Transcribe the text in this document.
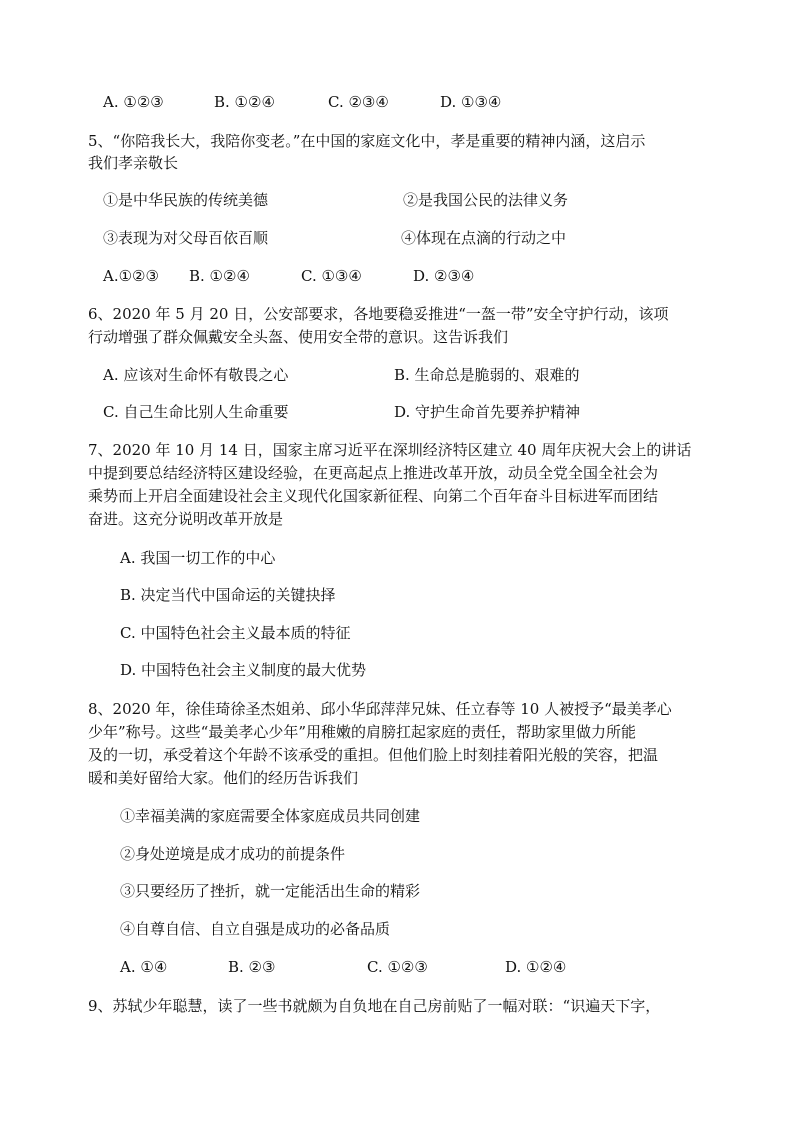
A. ①②③	B. ①②④	C. ②③④	D. ①③④
5、“你陪我长大，我陪你变老。”在中国的家庭文化中，孝是重要的精神内涵，这启示
我们孝亲敬长
①是中华民族的传统美德	②是我国公民的法律义务
③表现为对父母百依百顺	④体现在点滴的行动之中
A.①②③ B. ①②④	C. ①③④	D. ②③④
6、2020 年 5 月 20 日，公安部要求，各地要稳妥推进“一盔一带”安全守护行动，该项
行动增强了群众佩戴安全头盔、使用安全带的意识。这告诉我们
A. 应该对生命怀有敬畏之心	B. 生命总是脆弱的、艰难的
C. 自己生命比别人生命重要	D. 守护生命首先要养护精神
7、2020 年 10 月 14 日，国家主席习近平在深圳经济特区建立 40 周年庆祝大会上的讲话
中提到要总结经济特区建设经验，在更高起点上推进改革开放，动员全党全国全社会为
乘势而上开启全面建设社会主义现代化国家新征程、向第二个百年奋斗目标进军而团结
奋进。这充分说明改革开放是
A. 我国一切工作的中心
B. 决定当代中国命运的关键抉择
C. 中国特色社会主义最本质的特征
D. 中国特色社会主义制度的最大优势
8、2020 年，徐佳琦徐圣杰姐弟、邱小华邱萍萍兄妹、任立春等 10 人被授予“最美孝心
少年”称号。这些“最美孝心少年”用稚嫩的肩膀扛起家庭的责任，帮助家里做力所能
及的一切，承受着这个年龄不该承受的重担。但他们脸上时刻挂着阳光般的笑容，把温
暖和美好留给大家。他们的经历告诉我们
①幸福美满的家庭需要全体家庭成员共同创建
②身处逆境是成才成功的前提条件
③只要经历了挫折，就一定能活出生命的精彩
④自尊自信、自立自强是成功的必备品质
A. ①④	B. ②③	C. ①②③	D. ①②④
9、苏轼少年聪慧，读了一些书就颇为自负地在自己房前贴了一幅对联：“识遍天下字，
